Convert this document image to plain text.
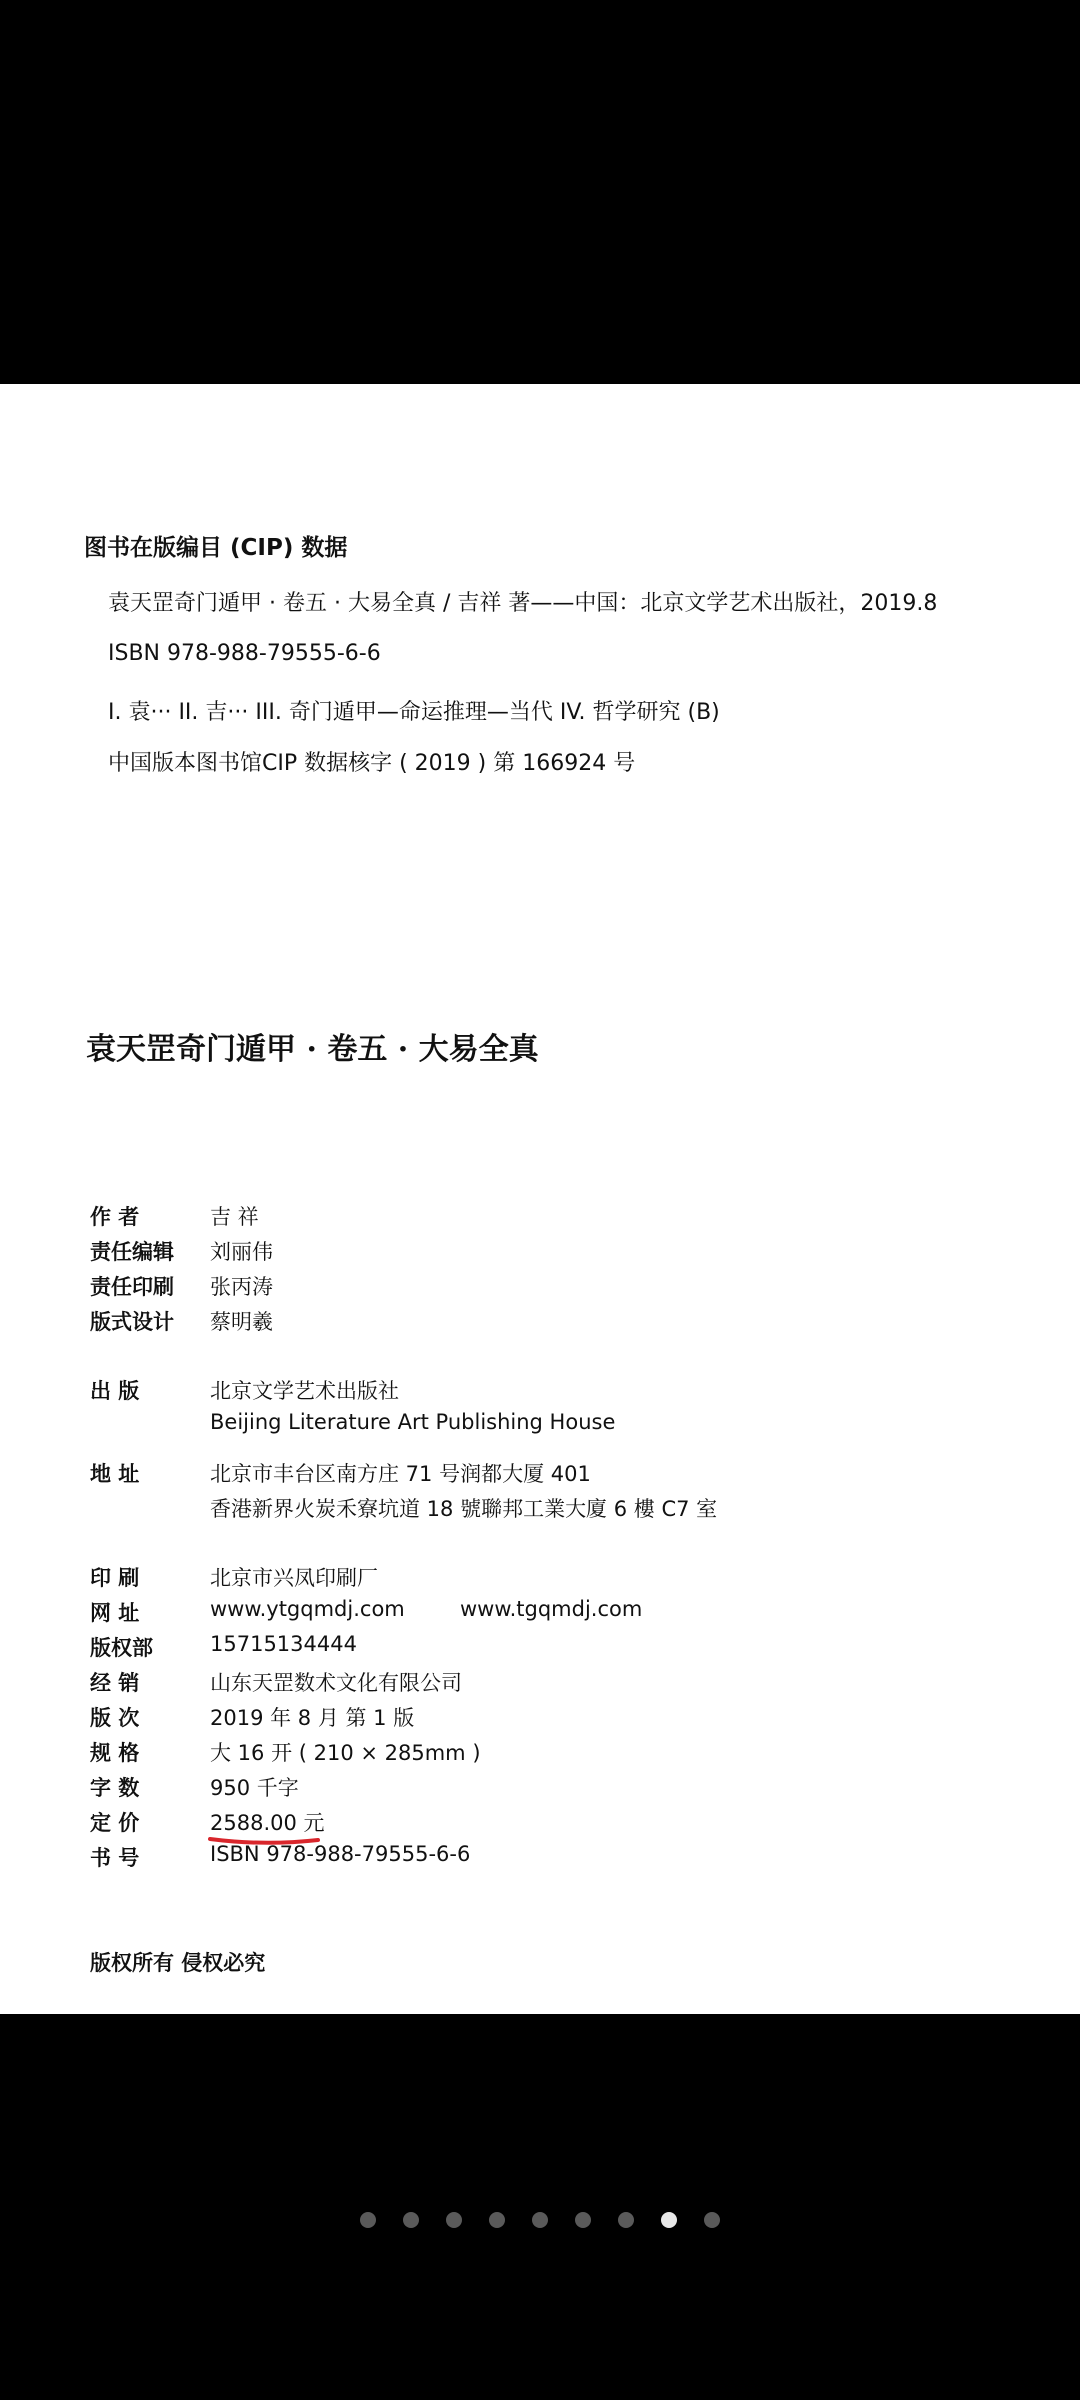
图书在版编目 (CIP) 数据
袁天罡奇门遁甲 · 卷五 · 大易全真 / 吉祥 著——中国：北京文学艺术出版社，2019.8
ISBN 978-988-79555-6-6
I. 袁··· II. 吉··· III. 奇门遁甲—命运推理—当代 IV. 哲学研究 (B)
中国版本图书馆CIP 数据核字 ( 2019 ) 第 166924 号
袁天罡奇门遁甲 · 卷五 · 大易全真
作 者	吉 祥
责任编辑	刘丽伟
责任印刷	张丙涛
版式设计	蔡明羲
出 版	北京文学艺术出版社
Beijing Literature Art Publishing House
地 址	北京市丰台区南方庄 71 号润都大厦 401
香港新界火炭禾寮坑道 18 號聯邦工業大廈 6 樓 C7 室
印 刷	北京市兴凤印刷厂
网 址	www.ytgqmdj.com	www.tgqmdj.com
版权部	15715134444
经 销	山东天罡数术文化有限公司
版 次	2019 年 8 月 第 1 版
规 格	大 16 开 ( 210 × 285mm )
字 数	950 千字
定 价	2588.00 元
书 号	ISBN 978-988-79555-6-6
版权所有 侵权必究
